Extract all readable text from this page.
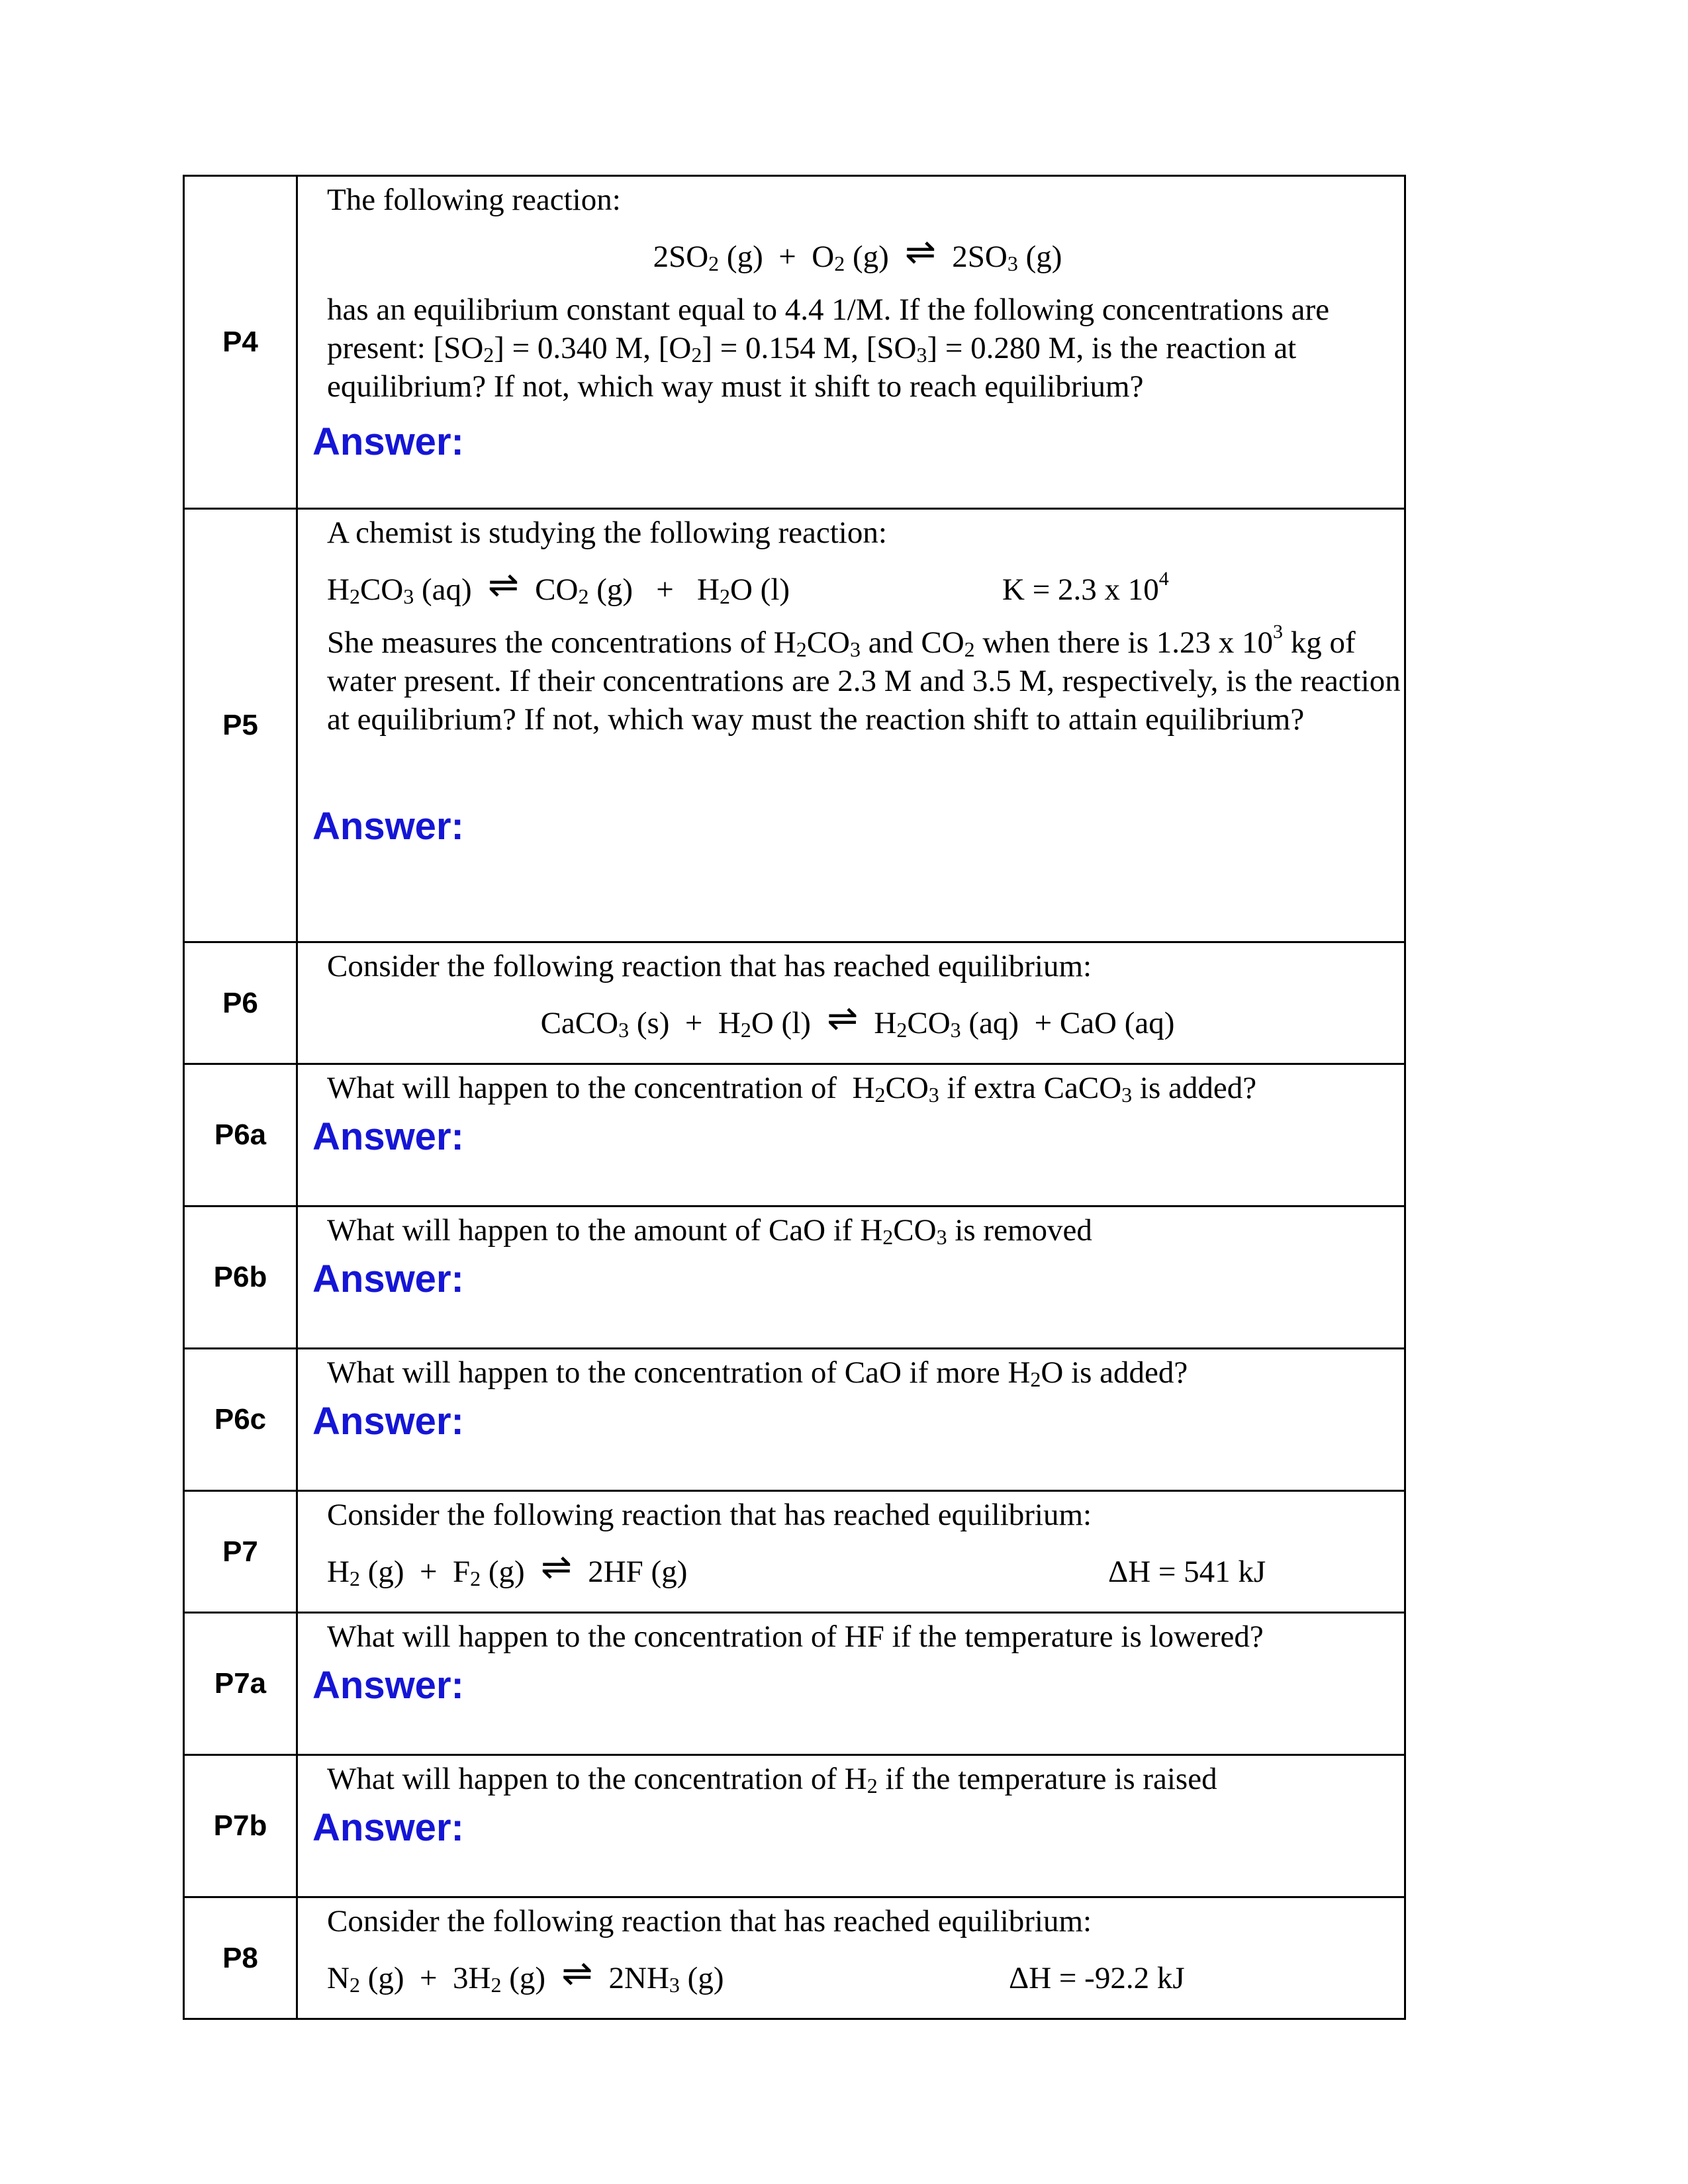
P4	The following reaction:
$2SO_2$ $(g) + O_2$ (g) ⇌ $2SO_3$ (g)
has an equilibrium constant equal to 4.4 1/M. If the following concentrations are present: $[SO_2] = 0.340$ M, $[O_2] = 0.154$ M, $[SO_3] = 0.280$ M, is the reaction at equilibrium? If not, which way must it shift to reach equilibrium?
Answer:

P5	A chemist is studying the following reaction:
$H_2CO_3$ (aq) ⇌ $CO_2$ $(g) + H_2O$ (l) K = 2.3 x $10^4$
She measures the concentrations of $H_2CO_3$ and $CO_2$ when there is 1.23 x $10^3$ kg of water present. If their concentrations are 2.3 M and 3.5 M, respectively, is the reaction at equilibrium? If not, which way must the reaction shift to attain equilibrium?
Answer:

P6	Consider the following reaction that has reached equilibrium:
CaCO$_3$ $(s) + H_2O$ (l) ⇌ $H_2CO_3$ (aq)  + CaO (aq)

P6a	What will happen to the concentration of  $H_2CO_3$ if extra CaCO$_3$ is added?
Answer:

P6b	What will happen to the amount of CaO if $H_2CO_3$ is removed
Answer:

P6c	What will happen to the concentration of CaO if more $H_2O$ is added?
Answer:

P7	Consider the following reaction that has reached equilibrium:
$H_2$ $(g) + F_2$ (g) ⇌ 2HF (g) ΔH = 541 kJ

P7a	What will happen to the concentration of HF if the temperature is lowered?
Answer:

P7b	What will happen to the concentration of $H_2$ if the temperature is raised
Answer:

P8	Consider the following reaction that has reached equilibrium:
$N_2$ $(g) + 3H_2$ (g) ⇌ $2NH_3$ (g) ΔH = -92.2 kJ
